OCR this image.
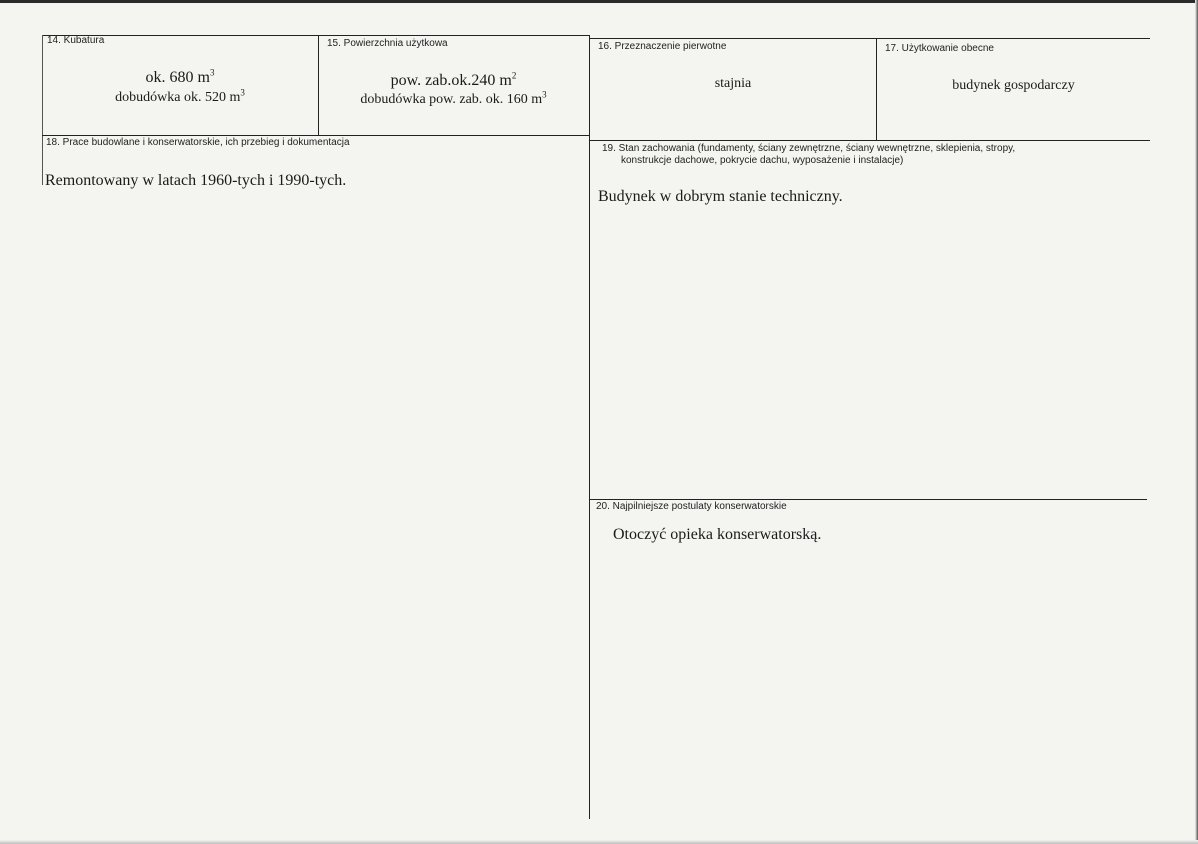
14. Kubatura
ok. 680 $m^3$
dobudówka ok. 520 $m^3$
15. Powierzchnia użytkowa
pow. zab.ok.240 $m^2$
dobudówka pow. zab. ok. 160 $m^3$
16. Przeznaczenie pierwotne
stajnia
17. Użytkowanie obecne
budynek gospodarczy
18. Prace budowlane i konserwatorskie, ich przebieg i dokumentacja
Remontowany w latach 1960-tych i 1990-tych.
19. Stan zachowania (fundamenty, ściany zewnętrzne, ściany wewnętrzne, sklepienia, stropy,
konstrukcje dachowe, pokrycie dachu, wyposażenie i instalacje)
Budynek w dobrym stanie techniczny.
20. Najpilniejsze postulaty konserwatorskie
Otoczyć opieka konserwatorską.
